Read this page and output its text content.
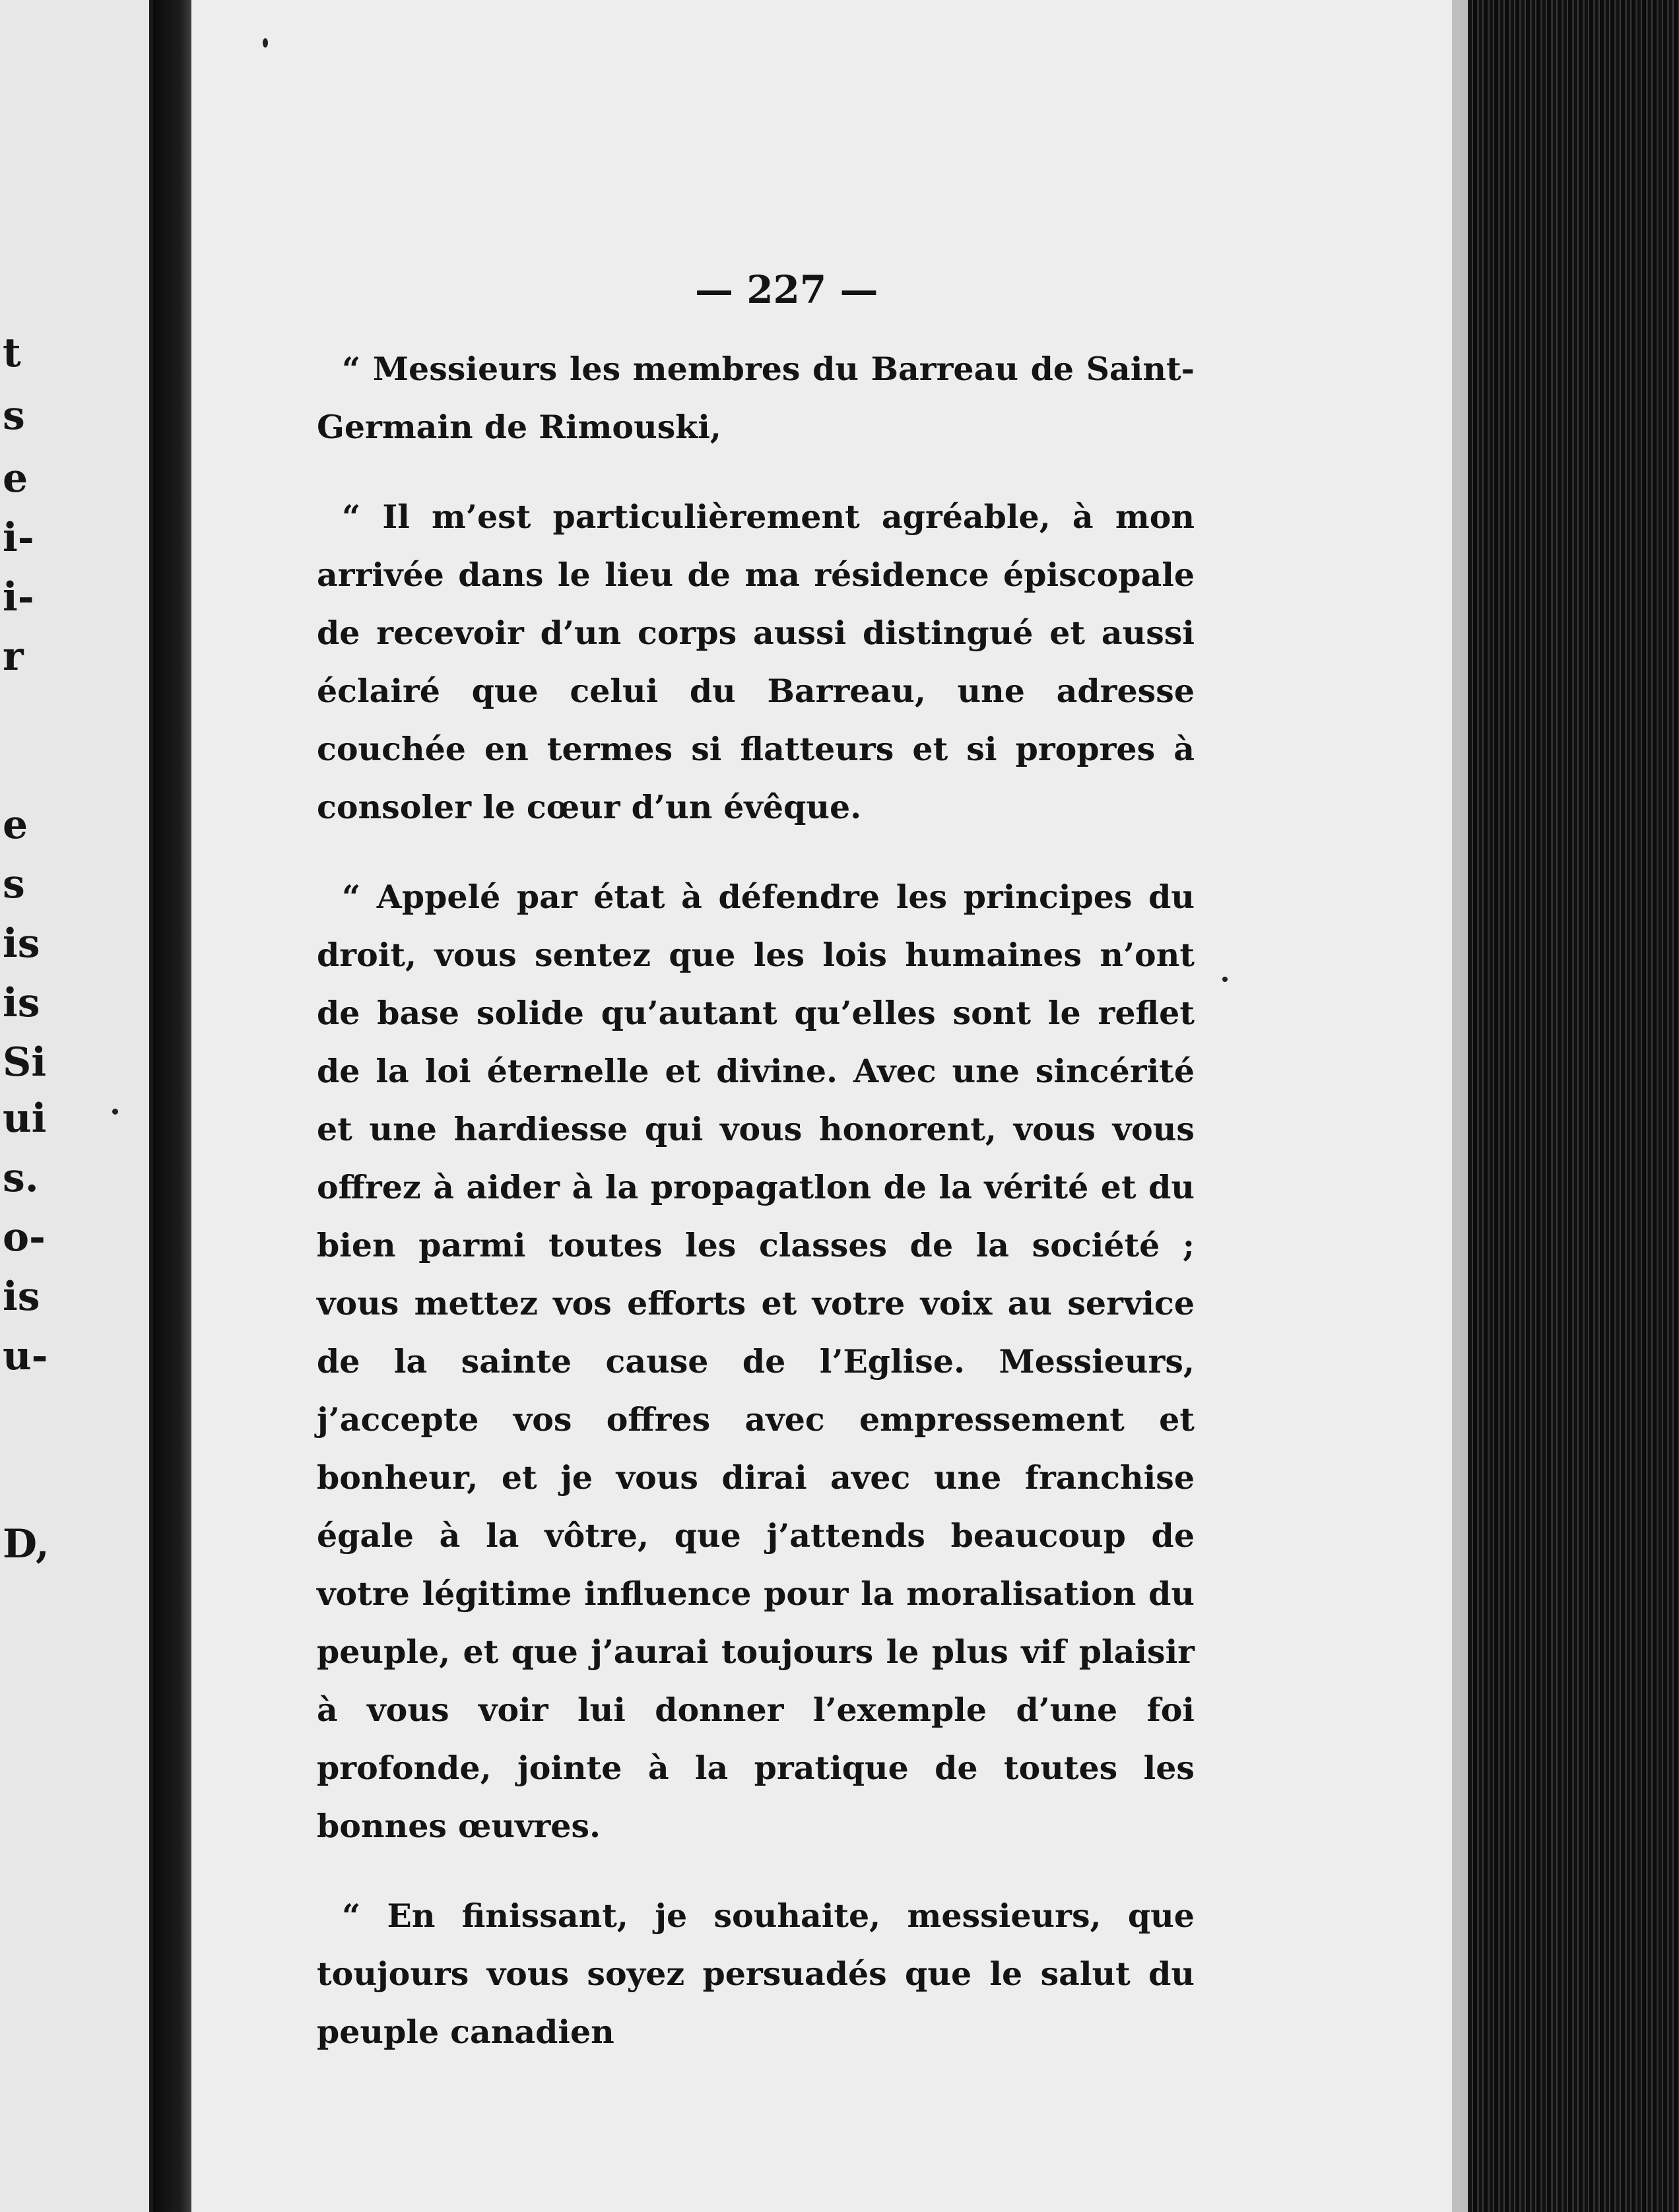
t
s
e
i-
i-
r
e
s
is
is
Si
ui
s.
o-
is
u-
D,
— 227 —

“ Messieurs les membres du Barreau de Saint-Germain de Rimouski,

“ Il m’est particulièrement agréable, à mon arrivée dans le lieu de ma résidence épiscopale de recevoir d’un corps aussi distingué et aussi éclairé que celui du Barreau, une adresse couchée en termes si flatteurs et si propres à consoler le cœur d’un évêque.

“ Appelé par état à défendre les principes du droit, vous sentez que les lois humaines n’ont de base solide qu’autant qu’elles sont le reflet de la loi éternelle et divine. Avec une sincérité et une hardiesse qui vous honorent, vous vous offrez à aider à la propagatlon de la vérité et du bien parmi toutes les classes de la société ; vous mettez vos efforts et votre voix au service de la sainte cause de l’Eglise. Messieurs, j’accepte vos offres avec empressement et bonheur, et je vous dirai avec une franchise égale à la vôtre, que j’attends beaucoup de votre légitime influence pour la moralisation du peuple, et que j’aurai toujours le plus vif plaisir à vous voir lui donner l’exemple d’une foi profonde, jointe à la pratique de toutes les bonnes œuvres.

“ En finissant, je souhaite, messieurs, que toujours vous soyez persuadés que le salut du peuple canadien
